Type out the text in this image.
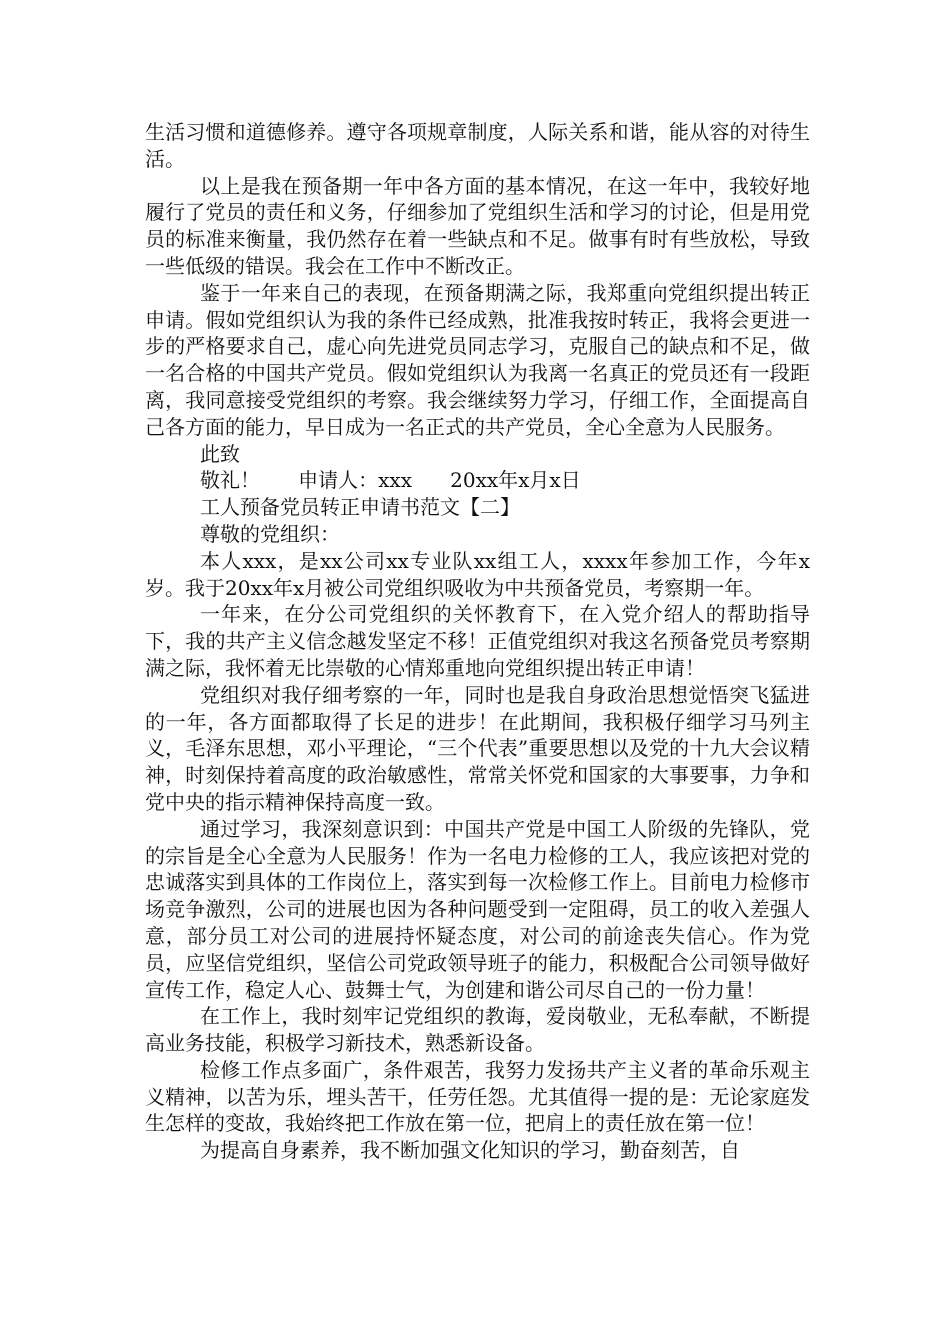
生活习惯和道德修养。遵守各项规章制度，人际关系和谐，能从容的对待生活。

以上是我在预备期一年中各方面的基本情况，在这一年中，我较好地履行了党员的责任和义务，仔细参加了党组织生活和学习的讨论，但是用党员的标准来衡量，我仍然存在着一些缺点和不足。做事有时有些放松，导致一些低级的错误。我会在工作中不断改正。

鉴于一年来自己的表现，在预备期满之际，我郑重向党组织提出转正申请。假如党组织认为我的条件已经成熟，批准我按时转正，我将会更进一步的严格要求自己，虚心向先进党员同志学习，克服自己的缺点和不足，做一名合格的中国共产党员。假如党组织认为我离一名真正的党员还有一段距离，我同意接受党组织的考察。我会继续努力学习，仔细工作，全面提高自己各方面的能力，早日成为一名正式的共产党员，全心全意为人民服务。

此致

敬礼！      申请人：xxx      20xx年x月x日

工人预备党员转正申请书范文【二】

尊敬的党组织：

本人xxx，是xx公司xx专业队xx组工人，xxxx年参加工作，今年x岁。我于20xx年x月被公司党组织吸收为中共预备党员，考察期一年。

一年来，在分公司党组织的关怀教育下，在入党介绍人的帮助指导下，我的共产主义信念越发坚定不移！正值党组织对我这名预备党员考察期满之际，我怀着无比崇敬的心情郑重地向党组织提出转正申请！

党组织对我仔细考察的一年，同时也是我自身政治思想觉悟突飞猛进的一年，各方面都取得了长足的进步！在此期间，我积极仔细学习马列主义，毛泽东思想，邓小平理论，“三个代表”重要思想以及党的十九大会议精神，时刻保持着高度的政治敏感性，常常关怀党和国家的大事要事，力争和党中央的指示精神保持高度一致。

通过学习，我深刻意识到：中国共产党是中国工人阶级的先锋队，党的宗旨是全心全意为人民服务！作为一名电力检修的工人，我应该把对党的忠诚落实到具体的工作岗位上，落实到每一次检修工作上。目前电力检修市场竞争激烈，公司的进展也因为各种问题受到一定阻碍，员工的收入差强人意，部分员工对公司的进展持怀疑态度，对公司的前途丧失信心。作为党员，应坚信党组织，坚信公司党政领导班子的能力，积极配合公司领导做好宣传工作，稳定人心、鼓舞士气，为创建和谐公司尽自己的一份力量！

在工作上，我时刻牢记党组织的教诲，爱岗敬业，无私奉献，不断提高业务技能，积极学习新技术，熟悉新设备。

检修工作点多面广，条件艰苦，我努力发扬共产主义者的革命乐观主义精神，以苦为乐，埋头苦干，任劳任怨。尤其值得一提的是：无论家庭发生怎样的变故，我始终把工作放在第一位，把肩上的责任放在第一位！

为提高自身素养，我不断加强文化知识的学习，勤奋刻苦，自
